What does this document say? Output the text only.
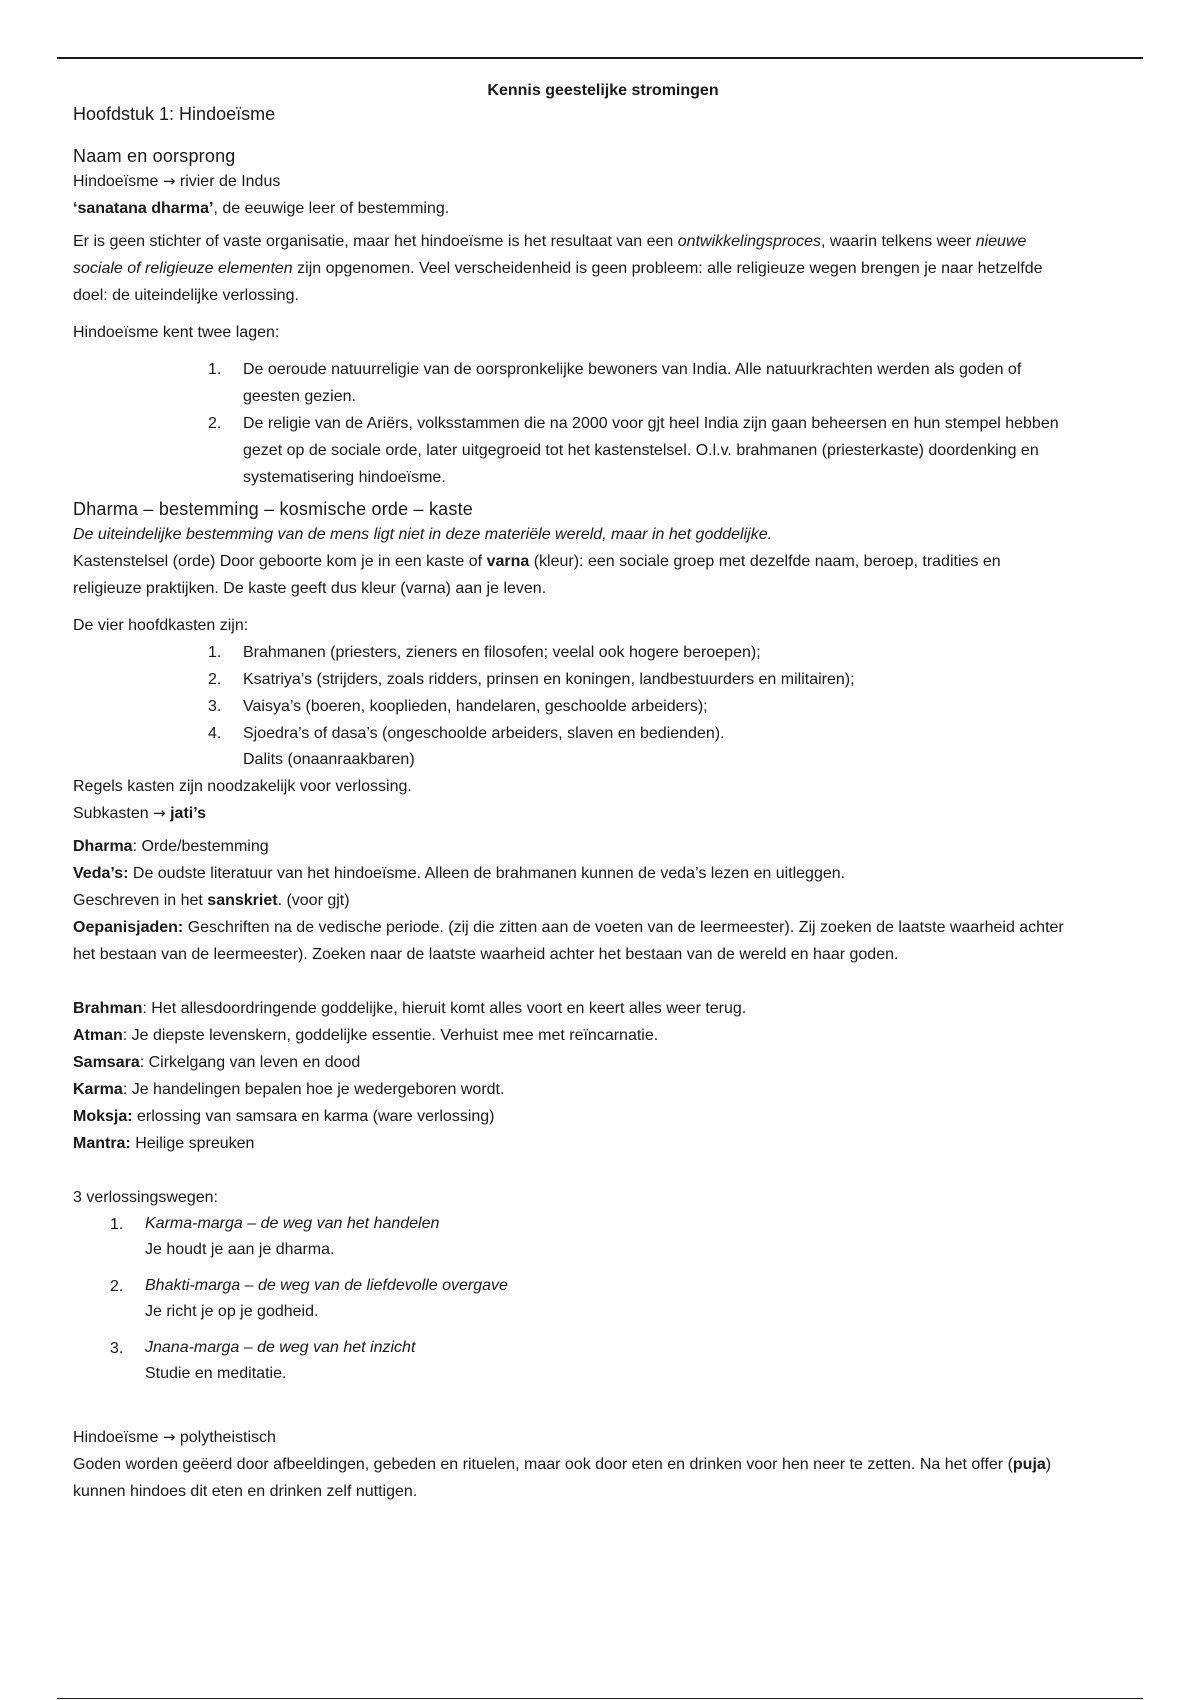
Kennis geestelijke stromingen
Hoofdstuk 1: Hindoeïsme
Naam en oorsprong

Hindoeïsme → rivier de Indus

‘sanatana dharma’, de eeuwige leer of bestemming.

Er is geen stichter of vaste organisatie, maar het hindoeïsme is het resultaat van een ontwikkelingsproces, waarin telkens weer nieuwe sociale of religieuze elementen zijn opgenomen. Veel verscheidenheid is geen probleem: alle religieuze wegen brengen je naar hetzelfde doel: de uiteindelijke verlossing.

Hindoeïsme kent twee lagen:

1.	De oeroude natuurreligie van de oorspronkelijke bewoners van India. Alle natuurkrachten werden als goden of geesten gezien.
2.	De religie van de Ariërs, volksstammen die na 2000 voor gjt heel India zijn gaan beheersen en hun stempel hebben gezet op de sociale orde, later uitgegroeid tot het kastenstelsel. O.l.v. brahmanen (priesterkaste) doordenking en systematisering hindoeïsme.
Dharma – bestemming – kosmische orde – kaste

De uiteindelijke bestemming van de mens ligt niet in deze materiële wereld, maar in het goddelijke.

Kastenstelsel (orde) Door geboorte kom je in een kaste of varna (kleur): een sociale groep met dezelfde naam, beroep, tradities en religieuze praktijken. De kaste geeft dus kleur (varna) aan je leven.

De vier hoofdkasten zijn:

1.	Brahmanen (priesters, zieners en filosofen; veelal ook hogere beroepen);
2.	Ksatriya’s (strijders, zoals ridders, prinsen en koningen, landbestuurders en militairen);
3.	Vaisya’s (boeren, kooplieden, handelaren, geschoolde arbeiders);
4.	Sjoedra’s of dasa’s (ongeschoolde arbeiders, slaven en bedienden).
Dalits (onaanraakbaren)

Regels kasten zijn noodzakelijk voor verlossing.

Subkasten → jati’s

Dharma: Orde/bestemming

Veda’s: De oudste literatuur van het hindoeïsme. Alleen de brahmanen kunnen de veda’s lezen en uitleggen.

Geschreven in het sanskriet. (voor gjt)

Oepanisjaden: Geschriften na de vedische periode. (zij die zitten aan de voeten van de leermeester). Zij zoeken de laatste waarheid achter het bestaan van de leermeester). Zoeken naar de laatste waarheid achter het bestaan van de wereld en haar goden.

Brahman: Het allesdoordringende goddelijke, hieruit komt alles voort en keert alles weer terug.

Atman: Je diepste levenskern, goddelijke essentie. Verhuist mee met reïncarnatie.

Samsara: Cirkelgang van leven en dood

Karma: Je handelingen bepalen hoe je wedergeboren wordt.

Moksja: erlossing van samsara en karma (ware verlossing)

Mantra: Heilige spreuken

3 verlossingswegen:

1.	Karma-marga – de weg van het handelen
Je houdt je aan je dharma.
2.	Bhakti-marga – de weg van de liefdevolle overgave
Je richt je op je godheid.
3.	Jnana-marga – de weg van het inzicht
Studie en meditatie.

Hindoeïsme → polytheistisch

Goden worden geëerd door afbeeldingen, gebeden en rituelen, maar ook door eten en drinken voor hen neer te zetten. Na het offer (puja) kunnen hindoes dit eten en drinken zelf nuttigen.
